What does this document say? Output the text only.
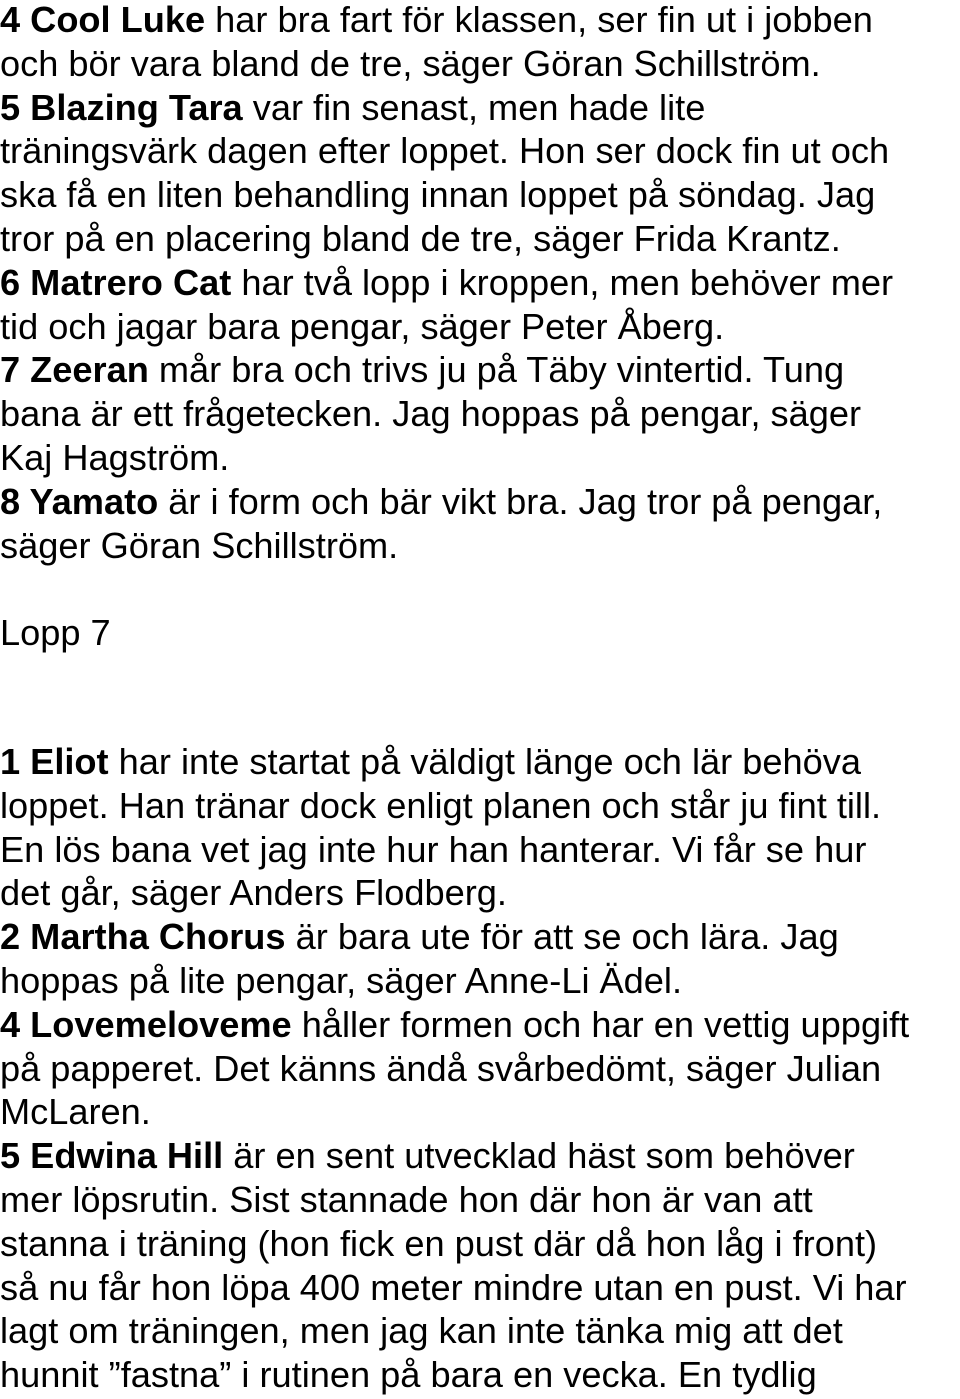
4 Cool Luke har bra fart för klassen, ser fin ut i jobben
och bör vara bland de tre, säger Göran Schillström.

5 Blazing Tara var fin senast, men hade lite
träningsvärk dagen efter loppet. Hon ser dock fin ut och
ska få en liten behandling innan loppet på söndag. Jag
tror på en placering bland de tre, säger Frida Krantz.

6 Matrero Cat har två lopp i kroppen, men behöver mer
tid och jagar bara pengar, säger Peter Åberg.

7 Zeeran mår bra och trivs ju på Täby vintertid. Tung
bana är ett frågetecken. Jag hoppas på pengar, säger
Kaj Hagström.

8 Yamato är i form och bär vikt bra. Jag tror på pengar,
säger Göran Schillström.

Lopp 7

1 Eliot har inte startat på väldigt länge och lär behöva
loppet. Han tränar dock enligt planen och står ju fint till.
En lös bana vet jag inte hur han hanterar. Vi får se hur
det går, säger Anders Flodberg.

2 Martha Chorus är bara ute för att se och lära. Jag
hoppas på lite pengar, säger Anne-Li Ädel.

4 Lovemeloveme håller formen och har en vettig uppgift
på papperet. Det känns ändå svårbedömt, säger Julian
McLaren.

5 Edwina Hill är en sent utvecklad häst som behöver
mer löpsrutin. Sist stannade hon där hon är van att
stanna i träning (hon fick en pust där då hon låg i front)
så nu får hon löpa 400 meter mindre utan en pust. Vi har
lagt om träningen, men jag kan inte tänka mig att det
hunnit ”fastna” i rutinen på bara en vecka. En tydlig
